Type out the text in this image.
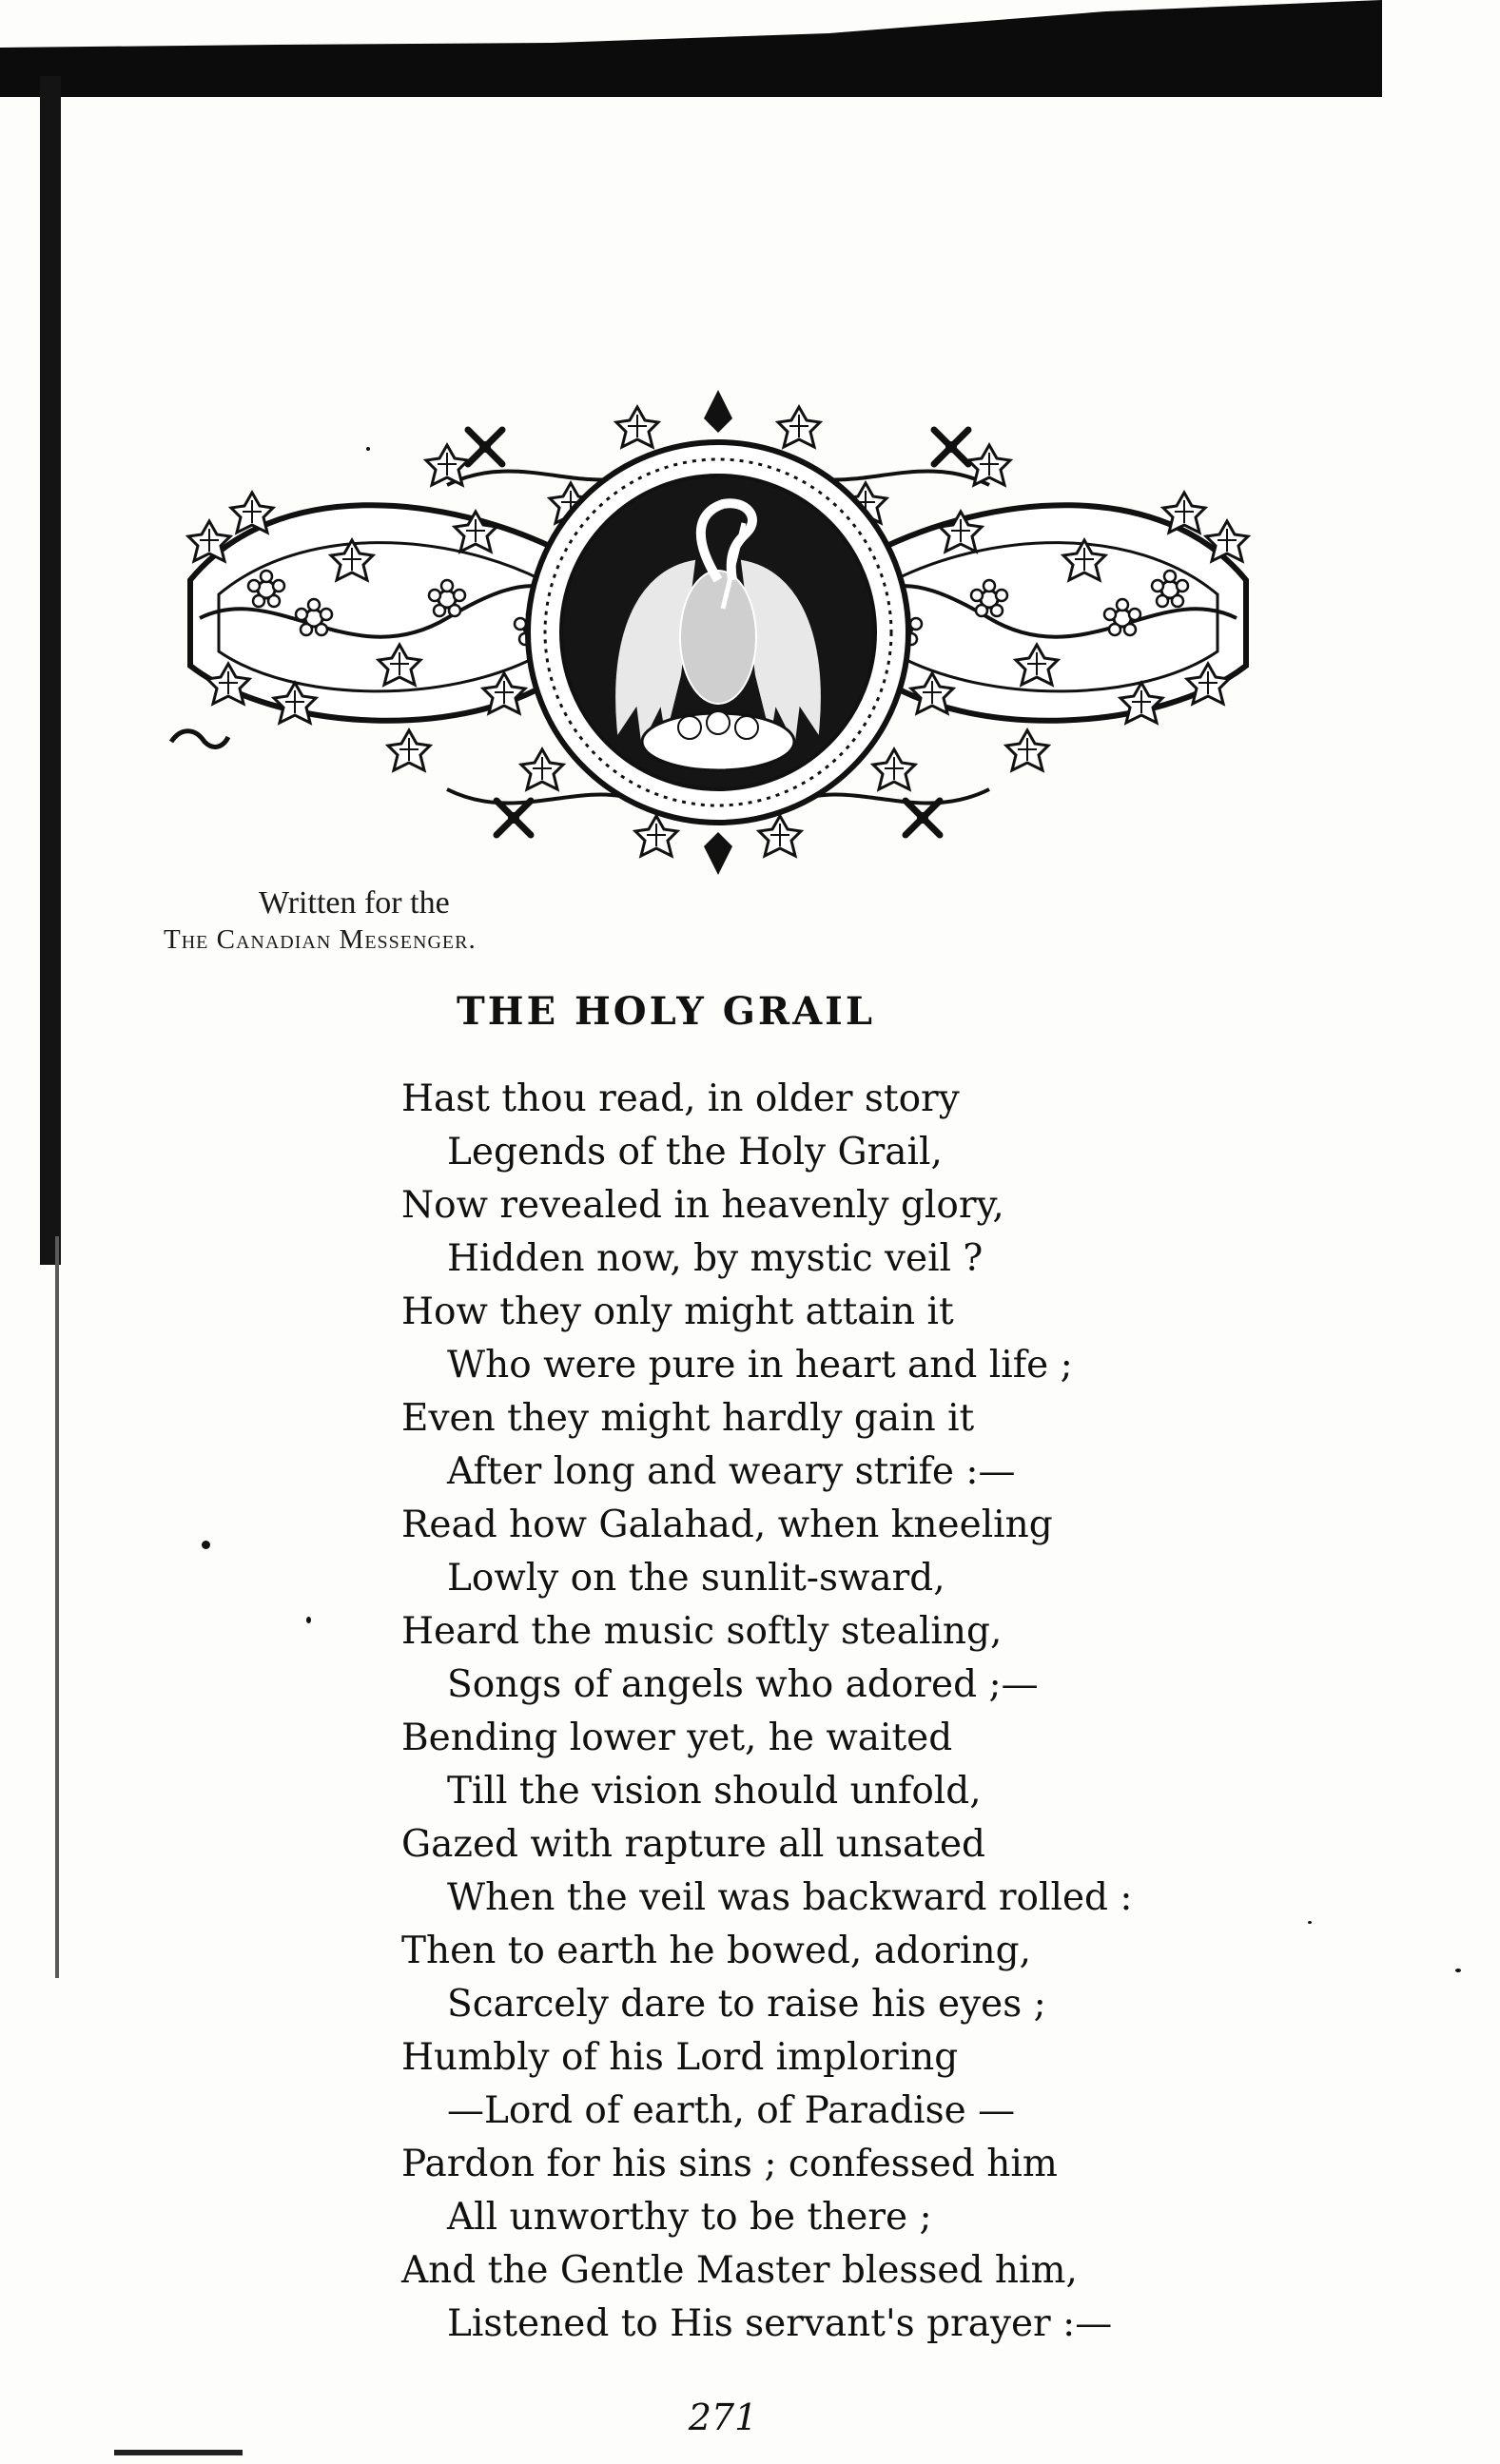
Written for the
The Canadian Messenger.
THE HOLY GRAIL
Hast thou read, in older story
Legends of the Holy Grail,
Now revealed in heavenly glory,
Hidden now, by mystic veil ?
How they only might attain it
Who were pure in heart and life ;
Even they might hardly gain it
After long and weary strife :—
Read how Galahad, when kneeling
Lowly on the sunlit-sward,
Heard the music softly stealing,
Songs of angels who adored ;—
Bending lower yet, he waited
Till the vision should unfold,
Gazed with rapture all unsated
When the veil was backward rolled :
Then to earth he bowed, adoring,
Scarcely dare to raise his eyes ;
Humbly of his Lord imploring
—Lord of earth, of Paradise —
Pardon for his sins ; confessed him
All unworthy to be there ;
And the Gentle Master blessed him,
Listened to His servant's prayer :—
271
